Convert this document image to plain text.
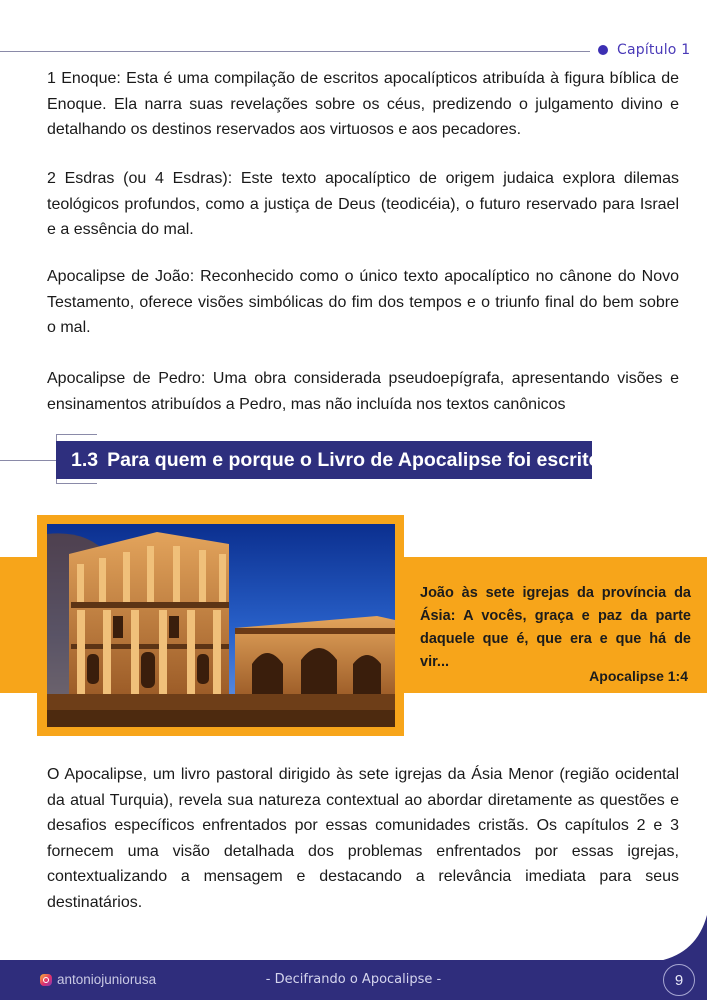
Capítulo 1

1 Enoque: Esta é uma compilação de escritos apocalípticos atribuída à figura bíblica de Enoque. Ela narra suas revelações sobre os céus, predizendo o julgamento divino e detalhando os destinos reservados aos virtuosos e aos pecadores.

2 Esdras (ou 4 Esdras): Este texto apocalíptico de origem judaica explora dilemas teológicos profundos, como a justiça de Deus (teodicéia), o futuro reservado para Israel e a essência do mal.

Apocalipse de João: Reconhecido como o único texto apocalíptico no cânone do Novo Testamento, oferece visões simbólicas do fim dos tempos e o triunfo final do bem sobre o mal.

Apocalipse de Pedro: Uma obra considerada pseudoepígrafa, apresentando visões e ensinamentos atribuídos a Pedro, mas não incluída nos textos canônicos

1.3 Para quem e porque o Livro de Apocalipse foi escrito?

João às sete igrejas da província da Ásia: A vocês, graça e paz da parte daquele que é, que era e que há de vir...

Apocalipse 1:4

O Apocalipse, um livro pastoral dirigido às sete igrejas da Ásia Menor (região ocidental da atual Turquia), revela sua natureza contextual ao abordar diretamente as questões e desafios específicos enfrentados por essas comunidades cristãs. Os capítulos 2 e 3 fornecem uma visão detalhada dos problemas enfrentados por essas igrejas, contextualizando a mensagem e destacando a relevância imediata para seus destinatários.

antoniojuniorusa	- Decifrando o Apocalipse -	9
